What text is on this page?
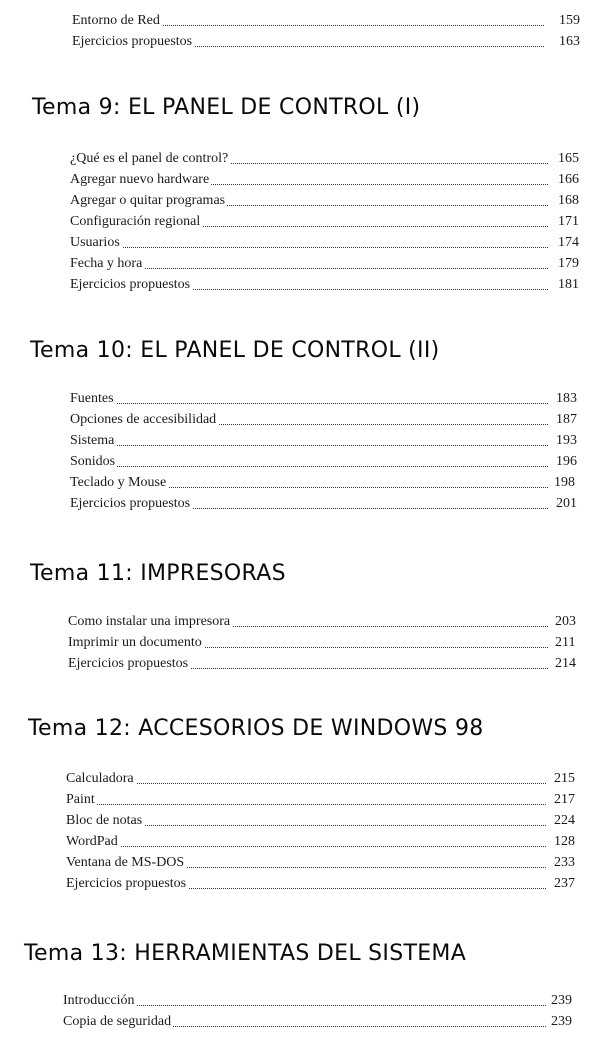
Entorno de Red	159
Ejercicios propuestos	163
Tema 9: EL PANEL DE CONTROL (I)
¿Qué es el panel de control?	165
Agregar nuevo hardware	166
Agregar o quitar programas	168
Configuración regional	171
Usuarios	174
Fecha y hora	179
Ejercicios propuestos	181
Tema 10: EL PANEL DE CONTROL (II)
Fuentes	183
Opciones de accesibilidad	187
Sistema	193
Sonidos	196
Teclado y Mouse	198
Ejercicios propuestos	201
Tema 11: IMPRESORAS
Como instalar una impresora	203
Imprimir un documento	211
Ejercicios propuestos	214
Tema 12: ACCESORIOS DE WINDOWS 98
Calculadora	215
Paint	217
Bloc de notas	224
WordPad	128
Ventana de MS-DOS	233
Ejercicios propuestos	237
Tema 13: HERRAMIENTAS DEL SISTEMA
Introducción	239
Copia de seguridad	239
